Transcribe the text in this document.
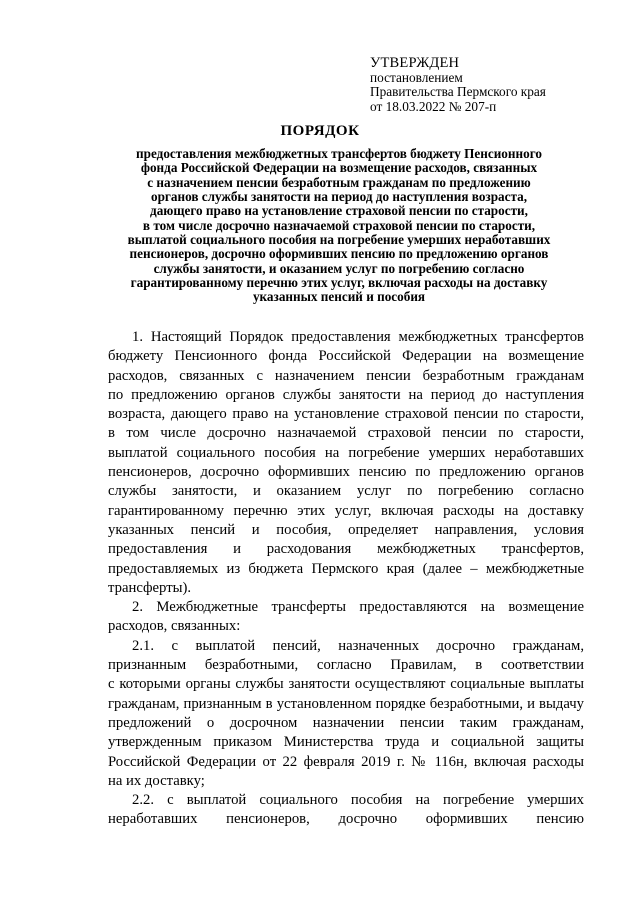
УТВЕРЖДЕН
постановлением
Правительства Пермского края
от 18.03.2022 № 207-п
ПОРЯДОК
предоставления межбюджетных трансфертов бюджету Пенсионного
фонда Российской Федерации на возмещение расходов, связанных
с назначением пенсии безработным гражданам по предложению
органов службы занятости на период до наступления возраста,
дающего право на установление страховой пенсии по старости,
в том числе досрочно назначаемой страховой пенсии по старости,
выплатой социального пособия на погребение умерших неработавших
пенсионеров, досрочно оформивших пенсию по предложению органов
службы занятости, и оказанием услуг по погребению согласно
гарантированному перечню этих услуг, включая расходы на доставку
указанных пенсий и пособия
1. Настоящий Порядок предоставления межбюджетных трансфертов
бюджету Пенсионного фонда Российской Федерации на возмещение
расходов, связанных с назначением пенсии безработным гражданам
по предложению органов службы занятости на период до наступления
возраста, дающего право на установление страховой пенсии по старости,
в том числе досрочно назначаемой страховой пенсии по старости,
выплатой социального пособия на погребение умерших неработавших
пенсионеров, досрочно оформивших пенсию по предложению органов
службы занятости, и оказанием услуг по погребению согласно
гарантированному перечню этих услуг, включая расходы на доставку
указанных пенсий и пособия, определяет направления, условия
предоставления и расходования межбюджетных трансфертов,
предоставляемых из бюджета Пермского края (далее – межбюджетные
трансферты).
2. Межбюджетные трансферты предоставляются на возмещение
расходов, связанных:
2.1. с выплатой пенсий, назначенных досрочно гражданам,
признанным безработными, согласно Правилам, в соответствии
с которыми органы службы занятости осуществляют социальные выплаты
гражданам, признанным в установленном порядке безработными, и выдачу
предложений о досрочном назначении пенсии таким гражданам,
утвержденным приказом Министерства труда и социальной защиты
Российской Федерации от 22 февраля 2019 г. № 116н, включая расходы
на их доставку;
2.2. с выплатой социального пособия на погребение умерших
неработавших пенсионеров, досрочно оформивших пенсию
